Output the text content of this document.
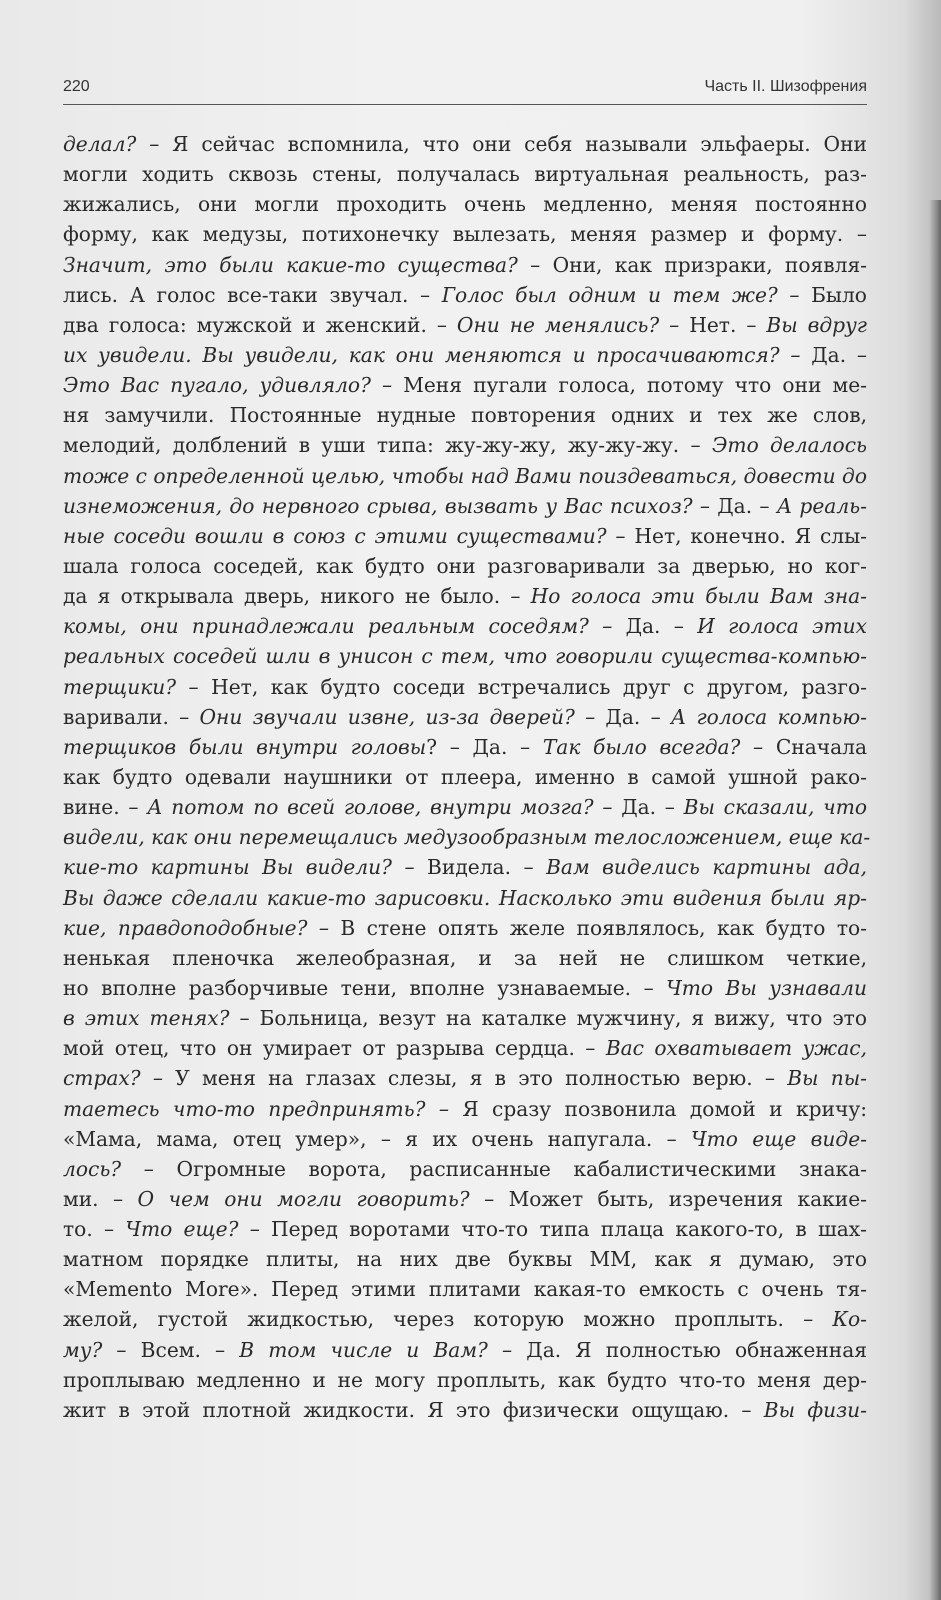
220	Часть II. Шизофрения
делал? – Я сейчас вспомнила, что они себя называли эльфаеры. Они
могли ходить сквозь стены, получалась виртуальная реальность, раз-
жижались, они могли проходить очень медленно, меняя постоянно
форму, как медузы, потихонечку вылезать, меняя размер и форму. –
Значит, это были какие-то существа? – Они, как призраки, появля-
лись. А голос все-таки звучал. – Голос был одним и тем же? – Было
два голоса: мужской и женский. – Они не менялись? – Нет. – Вы вдруг
их увидели. Вы увидели, как они меняются и просачиваются? – Да. –
Это Вас пугало, удивляло? – Меня пугали голоса, потому что они ме-
ня замучили. Постоянные нудные повторения одних и тех же слов,
мелодий, долблений в уши типа: жу-жу-жу, жу-жу-жу. – Это делалось
тоже с определенной целью, чтобы над Вами поиздеваться, довести до
изнеможения, до нервного срыва, вызвать у Вас психоз? – Да. – А реаль-
ные соседи вошли в союз с этими существами? – Нет, конечно. Я слы-
шала голоса соседей, как будто они разговаривали за дверью, но ког-
да я открывала дверь, никого не было. – Но голоса эти были Вам зна-
комы, они принадлежали реальным соседям? – Да. – И голоса этих
реальных соседей шли в унисон с тем, что говорили существа-компью-
терщики? – Нет, как будто соседи встречались друг с другом, разго-
варивали. – Они звучали извне, из-за дверей? – Да. – А голоса компью-
терщиков были внутри головы? – Да. – Так было всегда? – Сначала
как будто одевали наушники от плеера, именно в самой ушной рако-
вине. – А потом по всей голове, внутри мозга? – Да. – Вы сказали, что
видели, как они перемещались медузообразным телосложением, еще ка-
кие-то картины Вы видели? – Видела. – Вам виделись картины ада,
Вы даже сделали какие-то зарисовки. Насколько эти видения были яр-
кие, правдоподобные? – В стене опять желе появлялось, как будто то-
ненькая пленочка желеобразная, и за ней не слишком четкие,
но вполне разборчивые тени, вполне узнаваемые. – Что Вы узнавали
в этих тенях? – Больница, везут на каталке мужчину, я вижу, что это
мой отец, что он умирает от разрыва сердца. – Вас охватывает ужас,
страх? – У меня на глазах слезы, я в это полностью верю. – Вы пы-
таетесь что-то предпринять? – Я сразу позвонила домой и кричу:
«Мама, мама, отец умер», – я их очень напугала. – Что еще виде-
лось? – Огромные ворота, расписанные кабалистическими знака-
ми. – О чем они могли говорить? – Может быть, изречения какие-
то. – Что еще? – Перед воротами что-то типа плаца какого-то, в шах-
матном порядке плиты, на них две буквы ММ, как я думаю, это
«Memento More». Перед этими плитами какая-то емкость с очень тя-
желой, густой жидкостью, через которую можно проплыть. – Ко-
му? – Всем. – В том числе и Вам? – Да. Я полностью обнаженная
проплываю медленно и не могу проплыть, как будто что-то меня дер-
жит в этой плотной жидкости. Я это физически ощущаю. – Вы физи-
